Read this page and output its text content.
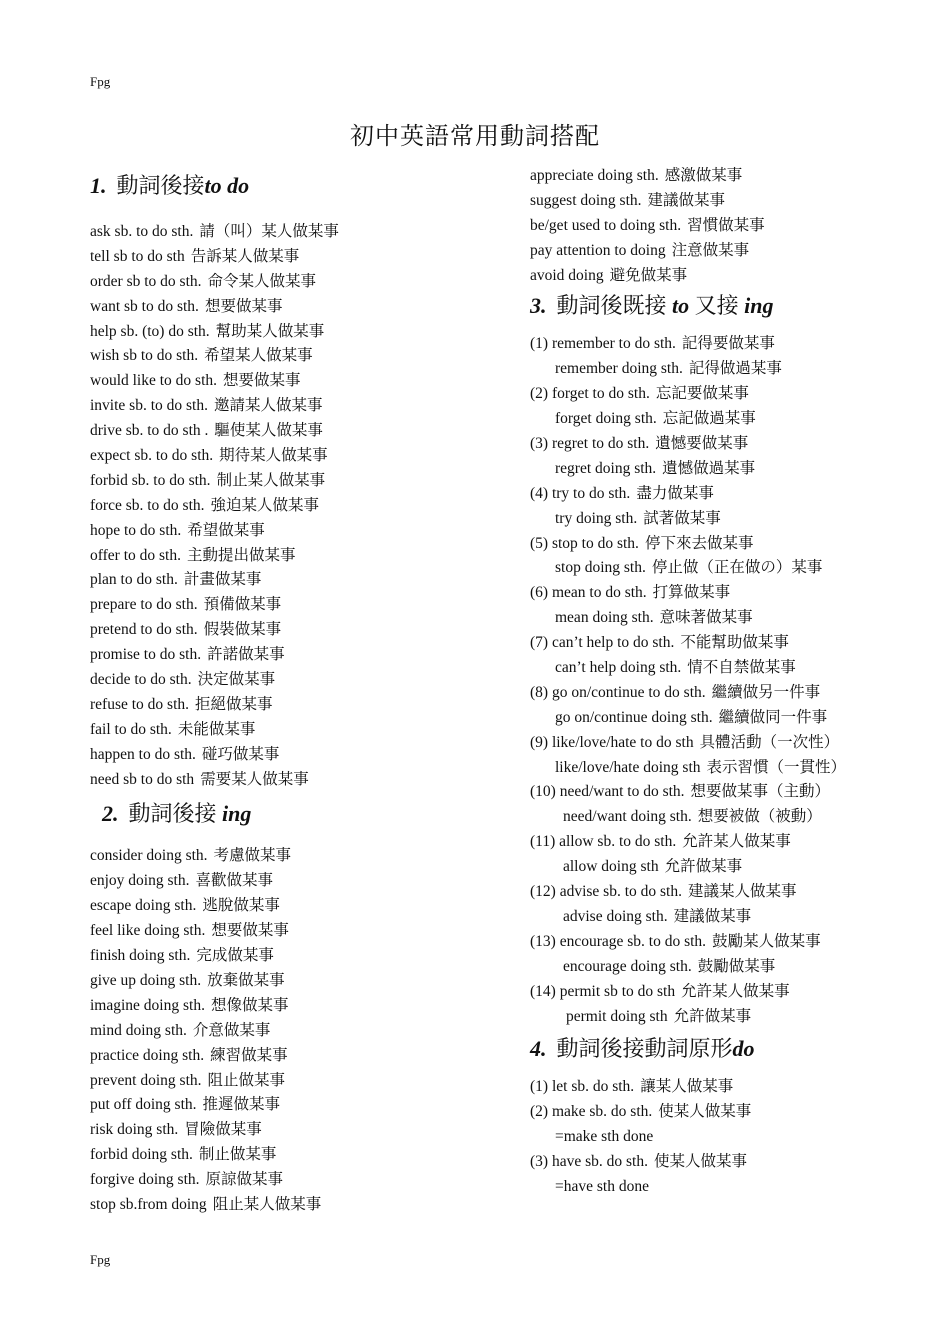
Fpg
初中英語常用動詞搭配
1. 動詞後接to do
ask sb. to do sth. 請（叫）某人做某事
tell sb to do sth 告訴某人做某事
order sb to do sth. 命令某人做某事
want sb to do sth. 想要做某事
help sb. (to) do sth. 幫助某人做某事
wish sb to do sth. 希望某人做某事
would like to do sth. 想要做某事
invite sb. to do sth. 邀請某人做某事
drive sb. to do sth . 驅使某人做某事
expect sb. to do sth. 期待某人做某事
forbid sb. to do sth. 制止某人做某事
force sb. to do sth. 強迫某人做某事
hope to do sth. 希望做某事
offer to do sth. 主動提出做某事
plan to do sth. 計畫做某事
prepare to do sth. 預備做某事
pretend to do sth. 假裝做某事
promise to do sth. 許諾做某事
decide to do sth. 決定做某事
refuse to do sth. 拒絕做某事
fail to do sth. 未能做某事
happen to do sth. 碰巧做某事
need sb to do sth 需要某人做某事
2. 動詞後接 ing
consider doing sth. 考慮做某事
enjoy doing sth. 喜歡做某事
escape doing sth. 逃脫做某事
feel like doing sth. 想要做某事
finish doing sth. 完成做某事
give up doing sth. 放棄做某事
imagine doing sth. 想像做某事
mind doing sth. 介意做某事
practice doing sth. 練習做某事
prevent doing sth. 阻止做某事
put off doing sth. 推遲做某事
risk doing sth. 冒險做某事
forbid doing sth. 制止做某事
forgive doing sth. 原諒做某事
stop sb.from doing 阻止某人做某事
appreciate doing sth. 感激做某事
suggest doing sth. 建議做某事
be/get used to doing sth. 習慣做某事
pay attention to doing 注意做某事
avoid doing 避免做某事
3. 動詞後既接 to 又接 ing
(1) remember to do sth. 記得要做某事
remember doing sth. 記得做過某事
(2) forget to do sth. 忘記要做某事
forget doing sth. 忘記做過某事
(3) regret to do sth. 遺憾要做某事
regret doing sth. 遺憾做過某事
(4) try to do sth. 盡力做某事
try doing sth. 試著做某事
(5) stop to do sth. 停下來去做某事
stop doing sth. 停止做（正在做の）某事
(6) mean to do sth. 打算做某事
mean doing sth. 意味著做某事
(7) can’t help to do sth. 不能幫助做某事
can’t help doing sth. 情不自禁做某事
(8) go on/continue to do sth. 繼續做另一件事
go on/continue doing sth. 繼續做同一件事
(9) like/love/hate to do sth 具體活動（一次性）
like/love/hate doing sth 表示習慣（一貫性）
(10) need/want to do sth. 想要做某事（主動）
need/want doing sth. 想要被做（被動）
(11) allow sb. to do sth. 允許某人做某事
allow doing sth 允許做某事
(12) advise sb. to do sth. 建議某人做某事
advise doing sth. 建議做某事
(13) encourage sb. to do sth. 鼓勵某人做某事
encourage doing sth. 鼓勵做某事
(14) permit sb to do sth 允許某人做某事
permit doing sth 允許做某事
4. 動詞後接動詞原形do
(1) let sb. do sth. 讓某人做某事
(2) make sb. do sth. 使某人做某事
=make sth done
(3) have sb. do sth. 使某人做某事
=have sth done
Fpg
